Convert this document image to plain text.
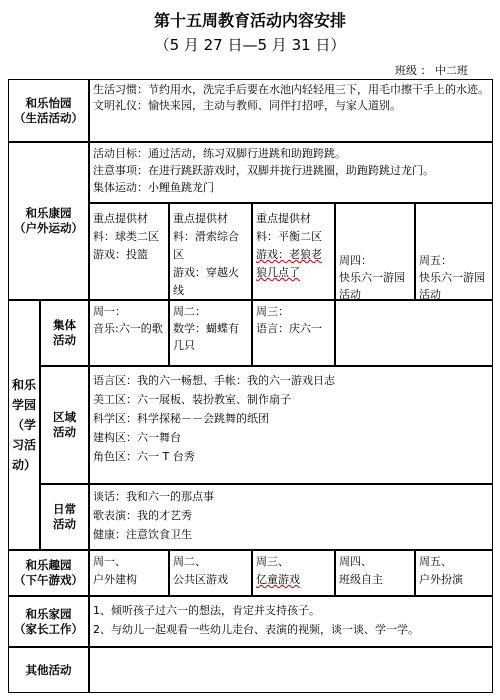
第十五周教育活动内容安排
（5 月 27 日—5 月 31 日）
班级 ： 中二班
和乐怡园
（生活活动）
生活习惯：节约用水，洗完手后要在水池内轻轻甩三下，用毛巾擦干手上的水迹。
文明礼仪：愉快来园，主动与教师、同伴打招呼，与家人道别。
和乐康园
（户外运动）
活动目标：通过活动，练习双脚行进跳和助跑跨跳。
注意事项：在进行跳跃游戏时，双脚并拢行进跳圈，助跑跨跳过龙门。
集体运动：小鲤鱼跳龙门
重点提供材料：球类二区
游戏：投篮
重点提供材料：滑索综合区
游戏：穿越火线
重点提供材料：平衡二区
游戏：老狼老狼几点了
周四：
快乐六一游园活动
周五：
快乐六一游园活动
和乐学园（学习活动）
集体
活动
周一：
音乐:六一的歌
周二：
数学：蝴蝶有几只
周三：
语言：庆六一
区域
活动
语言区：我的六一畅想、手帐：我的六一游戏日志
美工区：六一展板、装扮教室、制作扇子
科学区：科学探秘－－会跳舞的纸团
建构区：六一舞台
角色区：六一 T 台秀
日常
活动
谈话：我和六一的那点事
歌表演：我的才艺秀
健康：注意饮食卫生
和乐趣园
（下午游戏）
周一、
户外建构
周二、
公共区游戏
周三、
亿童游戏
周四、
班级自主
周五、
户外扮演
和乐家园
（家长工作）
1、倾听孩子过六一的想法，肯定并支持孩子。
2、与幼儿一起观看一些幼儿走台、表演的视频，谈一谈、学一学。
其他活动
